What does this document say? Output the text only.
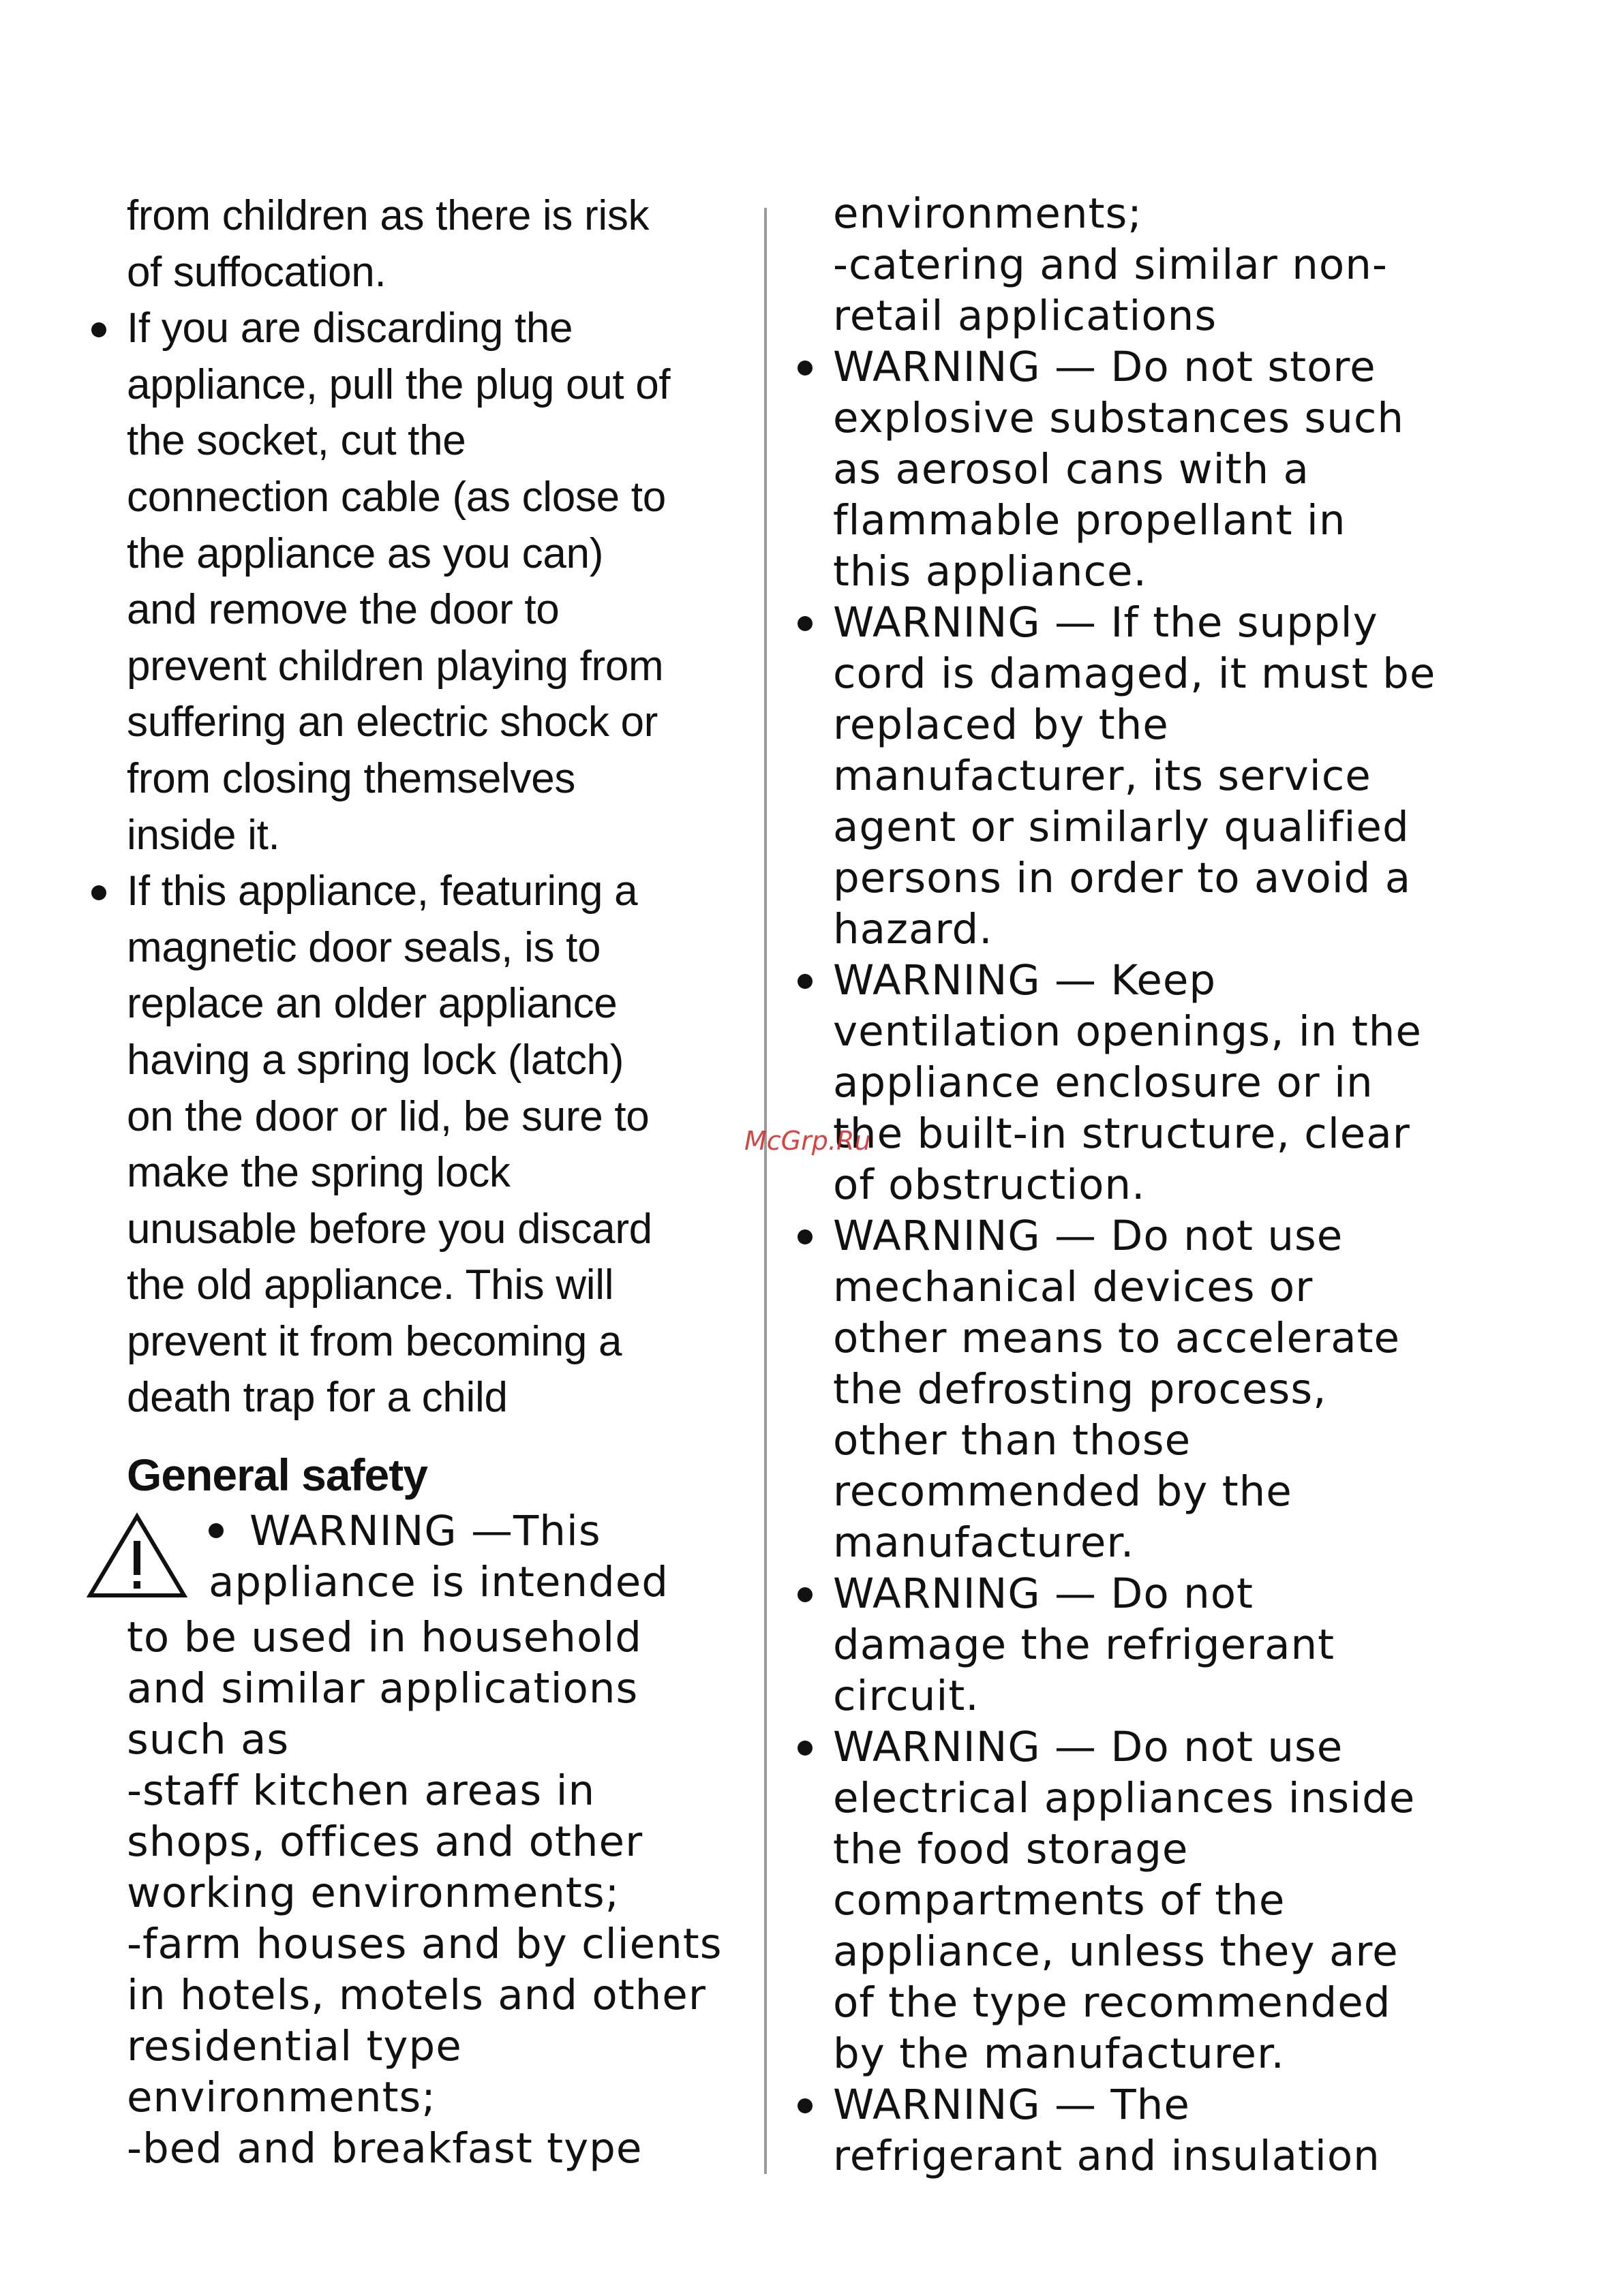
from children as there is risk
of suffocation.

If you are discarding the
appliance, pull the plug out of
the socket, cut the
connection cable (as close to
the appliance as you can)
and remove the door to
prevent children playing from
suffering an electric shock or
from closing themselves
inside it.

If this appliance, featuring a
magnetic door seals, is to
replace an older appliance
having a spring lock (latch)
on the door or lid, be sure to
make the spring lock
unusable before you discard
the old appliance. This will
prevent it from becoming a
death trap for a child

General safety
WARNING —This
appliance is intended

to be used in household
and similar applications
such as
-staff kitchen areas in
shops, offices and other
working environments;
-farm houses and by clients
in hotels, motels and other
residential type
environments;
-bed and breakfast type

environments;
-catering and similar non-
retail applications

WARNING — Do not store
explosive substances such
as aerosol cans with a
flammable propellant in
this appliance.

WARNING — If the supply
cord is damaged, it must be
replaced by the
manufacturer, its service
agent or similarly qualified
persons in order to avoid a
hazard.

WARNING — Keep
ventilation openings, in the
appliance enclosure or in
the built-in structure, clear
of obstruction.

WARNING — Do not use
mechanical devices or
other means to accelerate
the defrosting process,
other than those
recommended by the
manufacturer.

WARNING — Do not
damage the refrigerant
circuit.

WARNING — Do not use
electrical appliances inside
the food storage
compartments of the
appliance, unless they are
of the type recommended
by the manufacturer.

WARNING — The
refrigerant and insulation

McGrp.Ru
